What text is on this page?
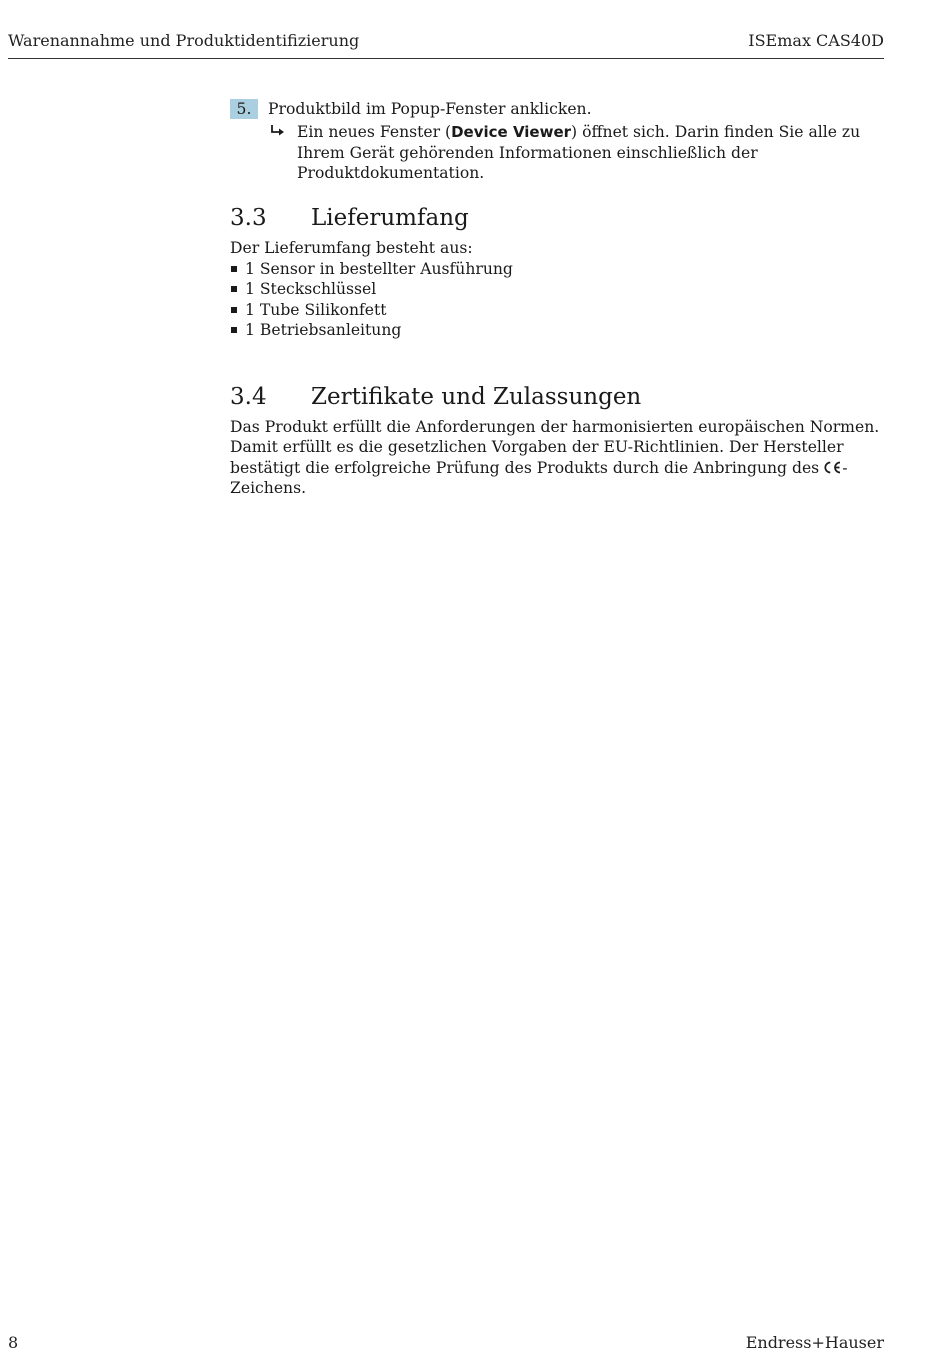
Warenannahme und Produktidentifizierung	ISEmax CAS40D
5.	Produktbild im Popup-Fenster anklicken.
Ein neues Fenster (Device Viewer) öffnet sich. Darin finden Sie alle zu Ihrem Gerät gehörenden Informationen einschließlich der Produktdokumentation.
3.3 Lieferumfang
Der Lieferumfang besteht aus:
1 Sensor in bestellter Ausführung
1 Steckschlüssel
1 Tube Silikonfett
1 Betriebsanleitung
3.4 Zertifikate und Zulassungen
Das Produkt erfüllt die Anforderungen der harmonisierten europäischen Normen. Damit erfüllt es die gesetzlichen Vorgaben der EU-Richtlinien. Der Hersteller bestätigt die erfolgreiche Prüfung des Produkts durch die Anbringung des -Zeichens.
8	Endress+Hauser
